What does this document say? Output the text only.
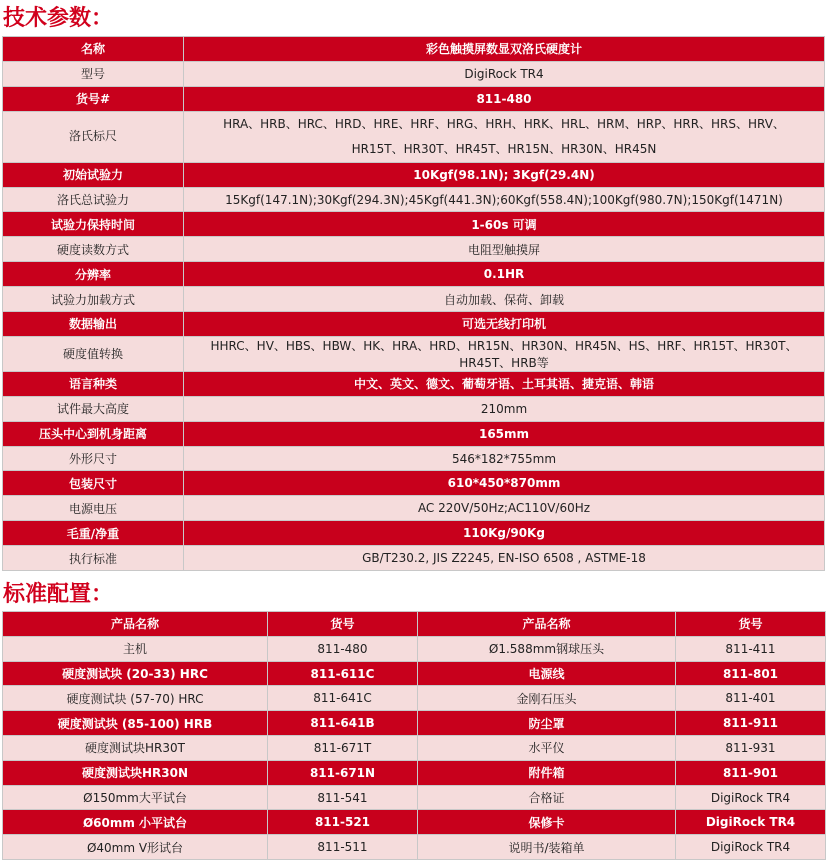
技术参数：
名称	彩色触摸屏数显双洛氏硬度计
型号	DigiRock TR4
货号#	811-480
洛氏标尺	HRA、HRB、HRC、HRD、HRE、HRF、HRG、HRH、HRK、HRL、HRM、HRP、HRR、HRS、HRV、HR15T、HR30T、HR45T、HR15N、HR30N、HR45N
初始试验力	10Kgf(98.1N); 3Kgf(29.4N)
洛氏总试验力	15Kgf(147.1N);30Kgf(294.3N);45Kgf(441.3N);60Kgf(558.4N);100Kgf(980.7N);150Kgf(1471N)
试验力保持时间	1-60s 可调
硬度读数方式	电阻型触摸屏
分辨率	0.1HR
试验力加载方式	自动加载、保荷、卸载
数据输出	可选无线打印机
硬度值转换	HHRC、HV、HBS、HBW、HK、HRA、HRD、HR15N、HR30N、HR45N、HS、HRF、HR15T、HR30T、HR45T、HRB等
语言种类	中文、英文、德文、葡萄牙语、土耳其语、捷克语、韩语
试件最大高度	210mm
压头中心到机身距离	165mm
外形尺寸	546*182*755mm
包装尺寸	610*450*870mm
电源电压	AC 220V/50Hz;AC110V/60Hz
毛重/净重	110Kg/90Kg
执行标准	GB/T230.2, JIS Z2245, EN-ISO 6508 , ASTME-18
标准配置：
产品名称	货号	产品名称	货号
主机	811-480	Ø1.588mm钢球压头	811-411
硬度测试块 (20-33) HRC	811-611C	电源线	811-801
硬度测试块 (57-70) HRC	811-641C	金刚石压头	811-401
硬度测试块 (85-100) HRB	811-641B	防尘罩	811-911
硬度测试块HR30T	811-671T	水平仪	811-931
硬度测试块HR30N	811-671N	附件箱	811-901
Ø150mm大平试台	811-541	合格证	DigiRock TR4
Ø60mm 小平试台	811-521	保修卡	DigiRock TR4
Ø40mm V形试台	811-511	说明书/装箱单	DigiRock TR4
